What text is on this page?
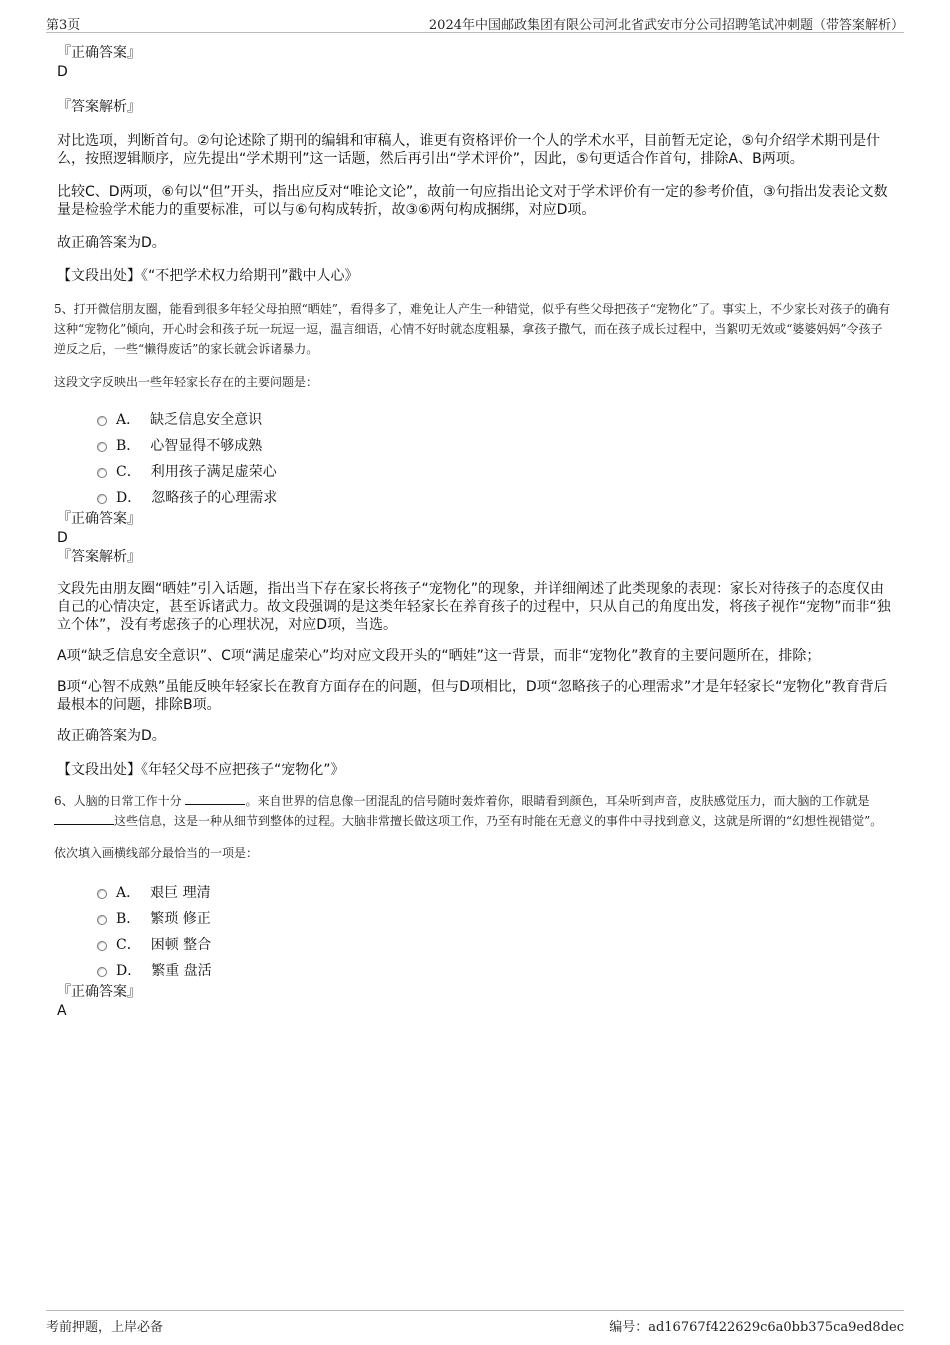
第3页	2024年中国邮政集团有限公司河北省武安市分公司招聘笔试冲刺题（带答案解析）
『正确答案』
D
『答案解析』

对比选项，判断首句。②句论述除了期刊的编辑和审稿人，谁更有资格评价一个人的学术水平，目前暂无定论，⑤句介绍学术期刊是什么，按照逻辑顺序，应先提出“学术期刊”这一话题，然后再引出“学术评价”，因此，⑤句更适合作首句，排除A、B两项。

比较C、D两项，⑥句以“但”开头，指出应反对“唯论文论”，故前一句应指出论文对于学术评价有一定的参考价值，③句指出发表论文数量是检验学术能力的重要标准，可以与⑥句构成转折，故③⑥两句构成捆绑，对应D项。

故正确答案为D。

【文段出处】《“不把学术权力给期刊”戳中人心》

5、打开微信朋友圈，能看到很多年轻父母拍照“晒娃”，看得多了，难免让人产生一种错觉，似乎有些父母把孩子“宠物化”了。事实上，不少家长对孩子的确有这种“宠物化”倾向，开心时会和孩子玩一玩逗一逗，温言细语，心情不好时就态度粗暴，拿孩子撒气，而在孩子成长过程中，当絮叨无效或“婆婆妈妈”令孩子逆反之后，一些“懒得废话”的家长就会诉诸暴力。

这段文字反映出一些年轻家长存在的主要问题是：

A． 缺乏信息安全意识
B． 心智显得不够成熟
C． 利用孩子满足虚荣心
D． 忽略孩子的心理需求
『正确答案』
D
『答案解析』

文段先由朋友圈“晒娃”引入话题，指出当下存在家长将孩子“宠物化”的现象，并详细阐述了此类现象的表现：家长对待孩子的态度仅由自己的心情决定，甚至诉诸武力。故文段强调的是这类年轻家长在养育孩子的过程中，只从自己的角度出发，将孩子视作“宠物”而非“独立个体”，没有考虑孩子的心理状况，对应D项，当选。

A项“缺乏信息安全意识”、C项“满足虚荣心”均对应文段开头的“晒娃”这一背景，而非“宠物化”教育的主要问题所在，排除；

B项“心智不成熟”虽能反映年轻家长在教育方面存在的问题，但与D项相比，D项“忽略孩子的心理需求”才是年轻家长“宠物化”教育背后最根本的问题，排除B项。

故正确答案为D。

【文段出处】《年轻父母不应把孩子“宠物化”》

6、人脑的日常工作十分	。来自世界的信息像一团混乱的信号随时轰炸着你，眼睛看到颜色，耳朵听到声音，皮肤感觉压力，而大脑的工作就是 这些信息，这是一种从细节到整体的过程。大脑非常擅长做这项工作，乃至有时能在无意义的事件中寻找到意义，这就是所谓的“幻想性视错觉”。

依次填入画横线部分最恰当的一项是：

A． 艰巨 理清
B． 繁琐 修正
C． 困顿 整合
D． 繁重 盘活
『正确答案』
A
考前押题，上岸必备	编号：ad16767f422629c6a0bb375ca9ed8dec
